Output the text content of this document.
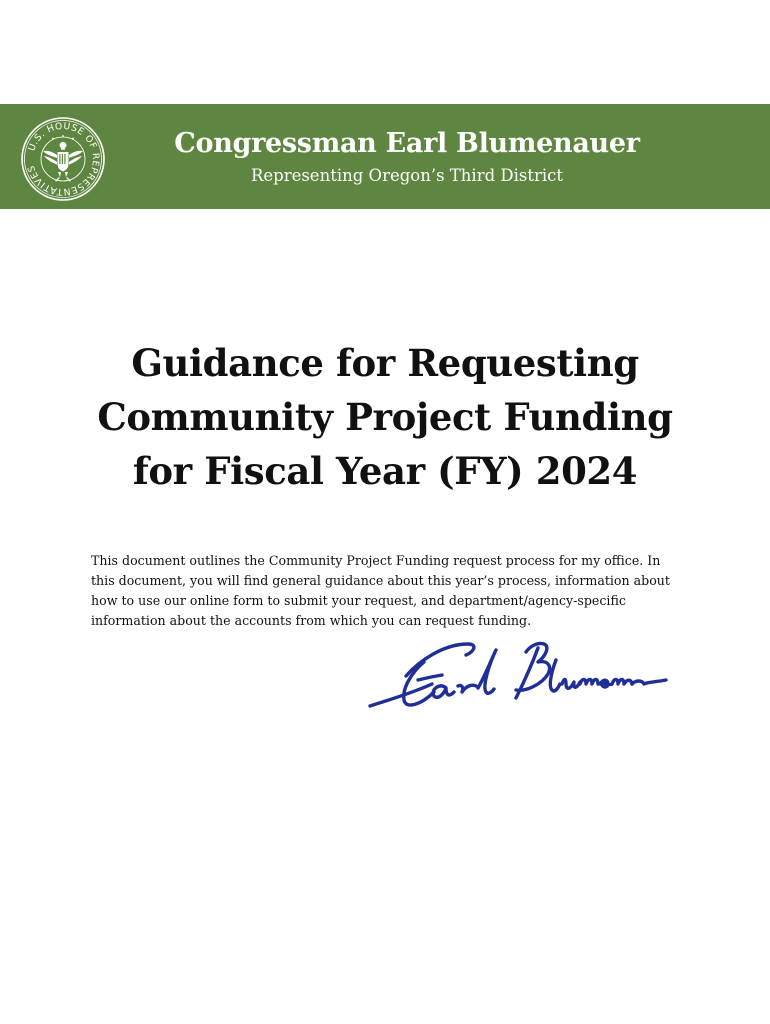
U.S. HOUSE OF REPRESENTATIVES
Congressman Earl Blumenauer
Representing Oregon’s Third District
Guidance for Requesting
Community Project Funding
for Fiscal Year (FY) 2024

This document outlines the Community Project Funding request process for my office. In
this document, you will find general guidance about this year’s process, information about
how to use our online form to submit your request, and department/agency-specific
information about the accounts from which you can request funding.
